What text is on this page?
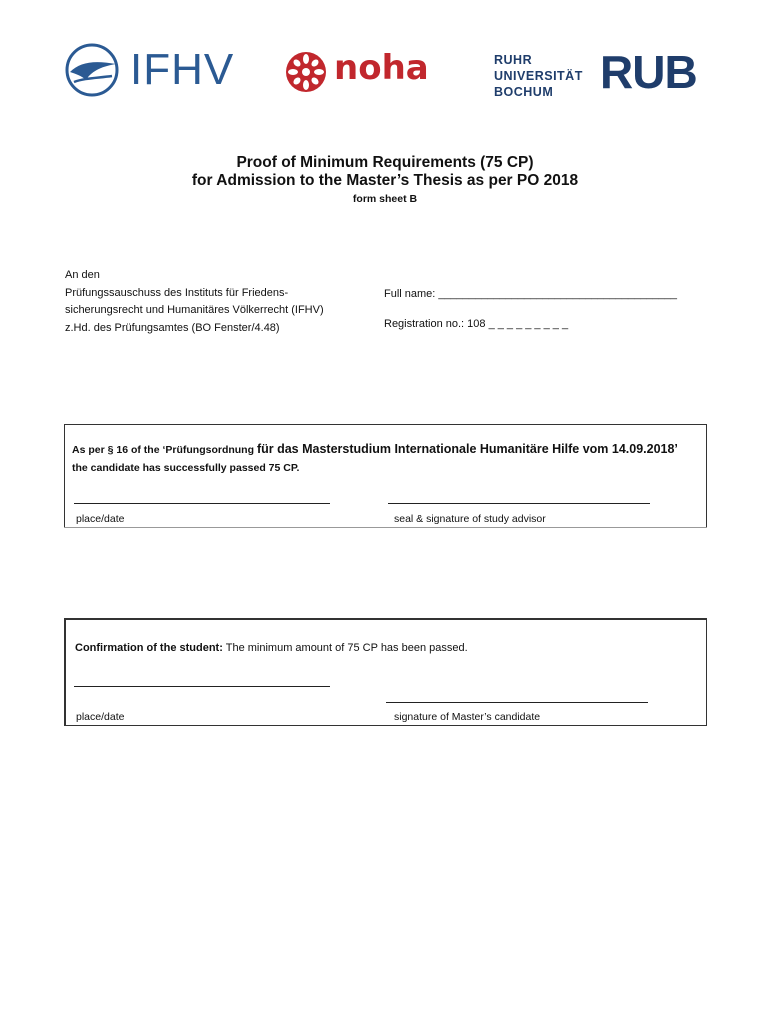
IFHV	noha	RUHR
UNIVERSITÄT
BOCHUM	RUB
Proof of Minimum Requirements (75 CP)
for Admission to the Master’s Thesis as per PO 2018
form sheet B
An den
Prüfungssauschuss des Instituts für Friedens-
sicherungsrecht und Humanitäres Völkerrecht (IFHV)
z.Hd. des Prüfungsamtes (BO Fenster/4.48)
Full name: _______________________________________
Registration no.: 108 _ _ _ _ _ _ _ _ _
As per § 16 of the ‘Prüfungsordnung für das Masterstudium Internationale Humanitäre Hilfe vom 14.09.2018’ the candidate has successfully passed 75 CP.
place/date	seal & signature of study advisor
Confirmation of the student: The minimum amount of 75 CP has been passed.
place/date	signature of Master’s candidate
